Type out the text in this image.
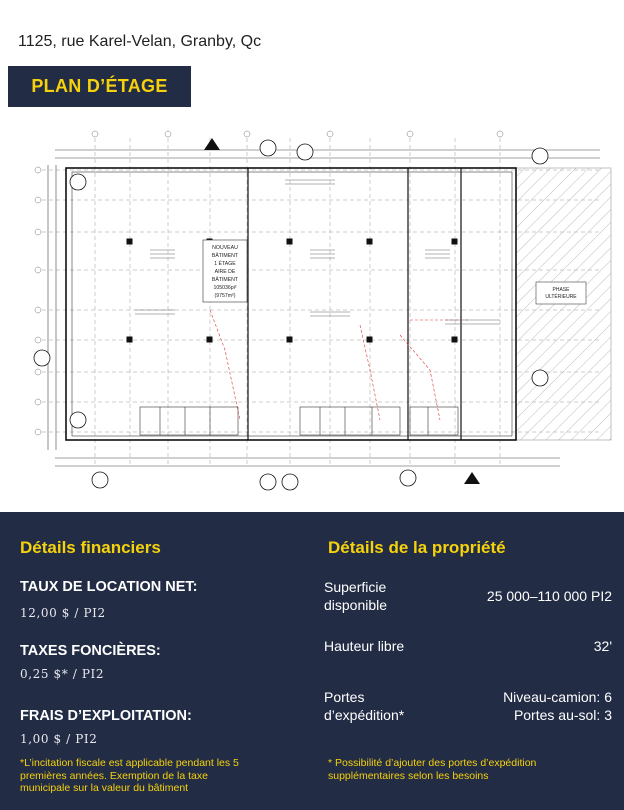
1125, rue Karel-Velan, Granby, Qc
PLAN D’ÉTAGE
PHASE
ULTÉRIEURE
NOUVEAU
BÂTIMENT
1 ÉTAGE
AIRE DE
BÂTIMENT
105036pi²
(9757m²)
Détails financiers	Détails de la propriété
TAUX DE LOCATION NET:
12,00 $ / PI2
TAXES FONCIÈRES:
0,25 $* / PI2
FRAIS D’EXPLOITATION:
1,00 $ / PI2
*L’incitation fiscale est applicable pendant les 5
premières années. Exemption de la taxe
municipale sur la valeur du bâtiment
Superficie
disponible
25 000–110 000 PI2
Hauteur libre	32'
Portes
d’expédition*
Niveau-camion: 6
Portes au-sol: 3
* Possibilité d’ajouter des portes d’expédition
supplémentaires selon les besoins
